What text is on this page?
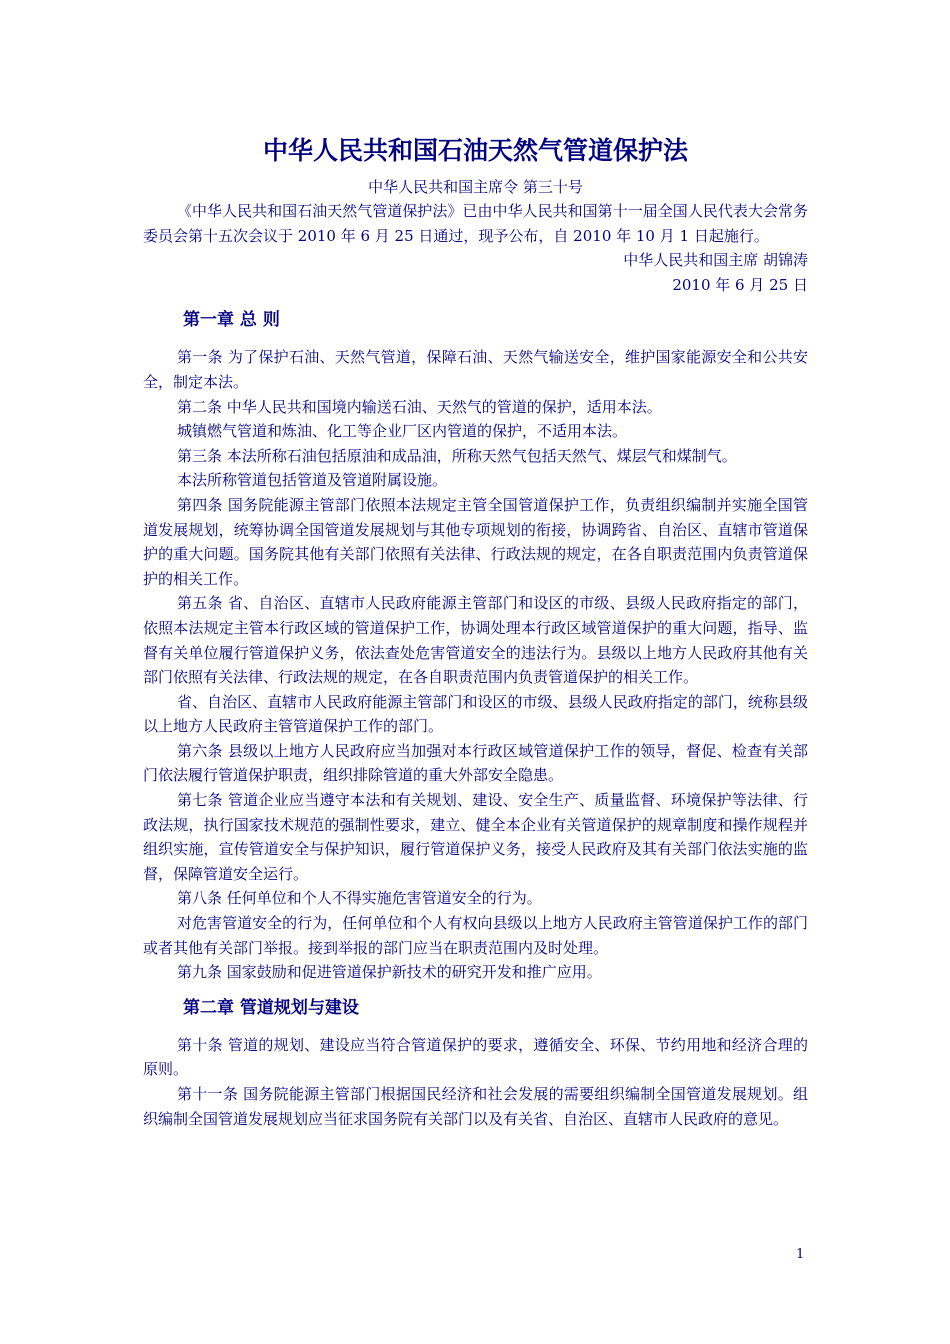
中华人民共和国石油天然气管道保护法
中华人民共和国主席令 第三十号

《中华人民共和国石油天然气管道保护法》已由中华人民共和国第十一届全国人民代表大会常务委员会第十五次会议于 2010 年 6 月 25 日通过，现予公布，自 2010 年 10 月 1 日起施行。

中华人民共和国主席 胡锦涛
2010 年 6 月 25 日
第一章 总 则

第一条 为了保护石油、天然气管道，保障石油、天然气输送安全，维护国家能源安全和公共安全，制定本法。

第二条 中华人民共和国境内输送石油、天然气的管道的保护，适用本法。

城镇燃气管道和炼油、化工等企业厂区内管道的保护，不适用本法。

第三条 本法所称石油包括原油和成品油，所称天然气包括天然气、煤层气和煤制气。

本法所称管道包括管道及管道附属设施。

第四条 国务院能源主管部门依照本法规定主管全国管道保护工作，负责组织编制并实施全国管道发展规划，统筹协调全国管道发展规划与其他专项规划的衔接，协调跨省、自治区、直辖市管道保护的重大问题。国务院其他有关部门依照有关法律、行政法规的规定，在各自职责范围内负责管道保护的相关工作。

第五条 省、自治区、直辖市人民政府能源主管部门和设区的市级、县级人民政府指定的部门，依照本法规定主管本行政区域的管道保护工作，协调处理本行政区域管道保护的重大问题，指导、监督有关单位履行管道保护义务，依法查处危害管道安全的违法行为。县级以上地方人民政府其他有关部门依照有关法律、行政法规的规定，在各自职责范围内负责管道保护的相关工作。

省、自治区、直辖市人民政府能源主管部门和设区的市级、县级人民政府指定的部门，统称县级以上地方人民政府主管管道保护工作的部门。

第六条 县级以上地方人民政府应当加强对本行政区域管道保护工作的领导，督促、检查有关部门依法履行管道保护职责，组织排除管道的重大外部安全隐患。

第七条 管道企业应当遵守本法和有关规划、建设、安全生产、质量监督、环境保护等法律、行政法规，执行国家技术规范的强制性要求，建立、健全本企业有关管道保护的规章制度和操作规程并组织实施，宣传管道安全与保护知识，履行管道保护义务，接受人民政府及其有关部门依法实施的监督，保障管道安全运行。

第八条 任何单位和个人不得实施危害管道安全的行为。

对危害管道安全的行为，任何单位和个人有权向县级以上地方人民政府主管管道保护工作的部门或者其他有关部门举报。接到举报的部门应当在职责范围内及时处理。

第九条 国家鼓励和促进管道保护新技术的研究开发和推广应用。

第二章 管道规划与建设

第十条 管道的规划、建设应当符合管道保护的要求，遵循安全、环保、节约用地和经济合理的原则。

第十一条 国务院能源主管部门根据国民经济和社会发展的需要组织编制全国管道发展规划。组织编制全国管道发展规划应当征求国务院有关部门以及有关省、自治区、直辖市人民政府的意见。

1
